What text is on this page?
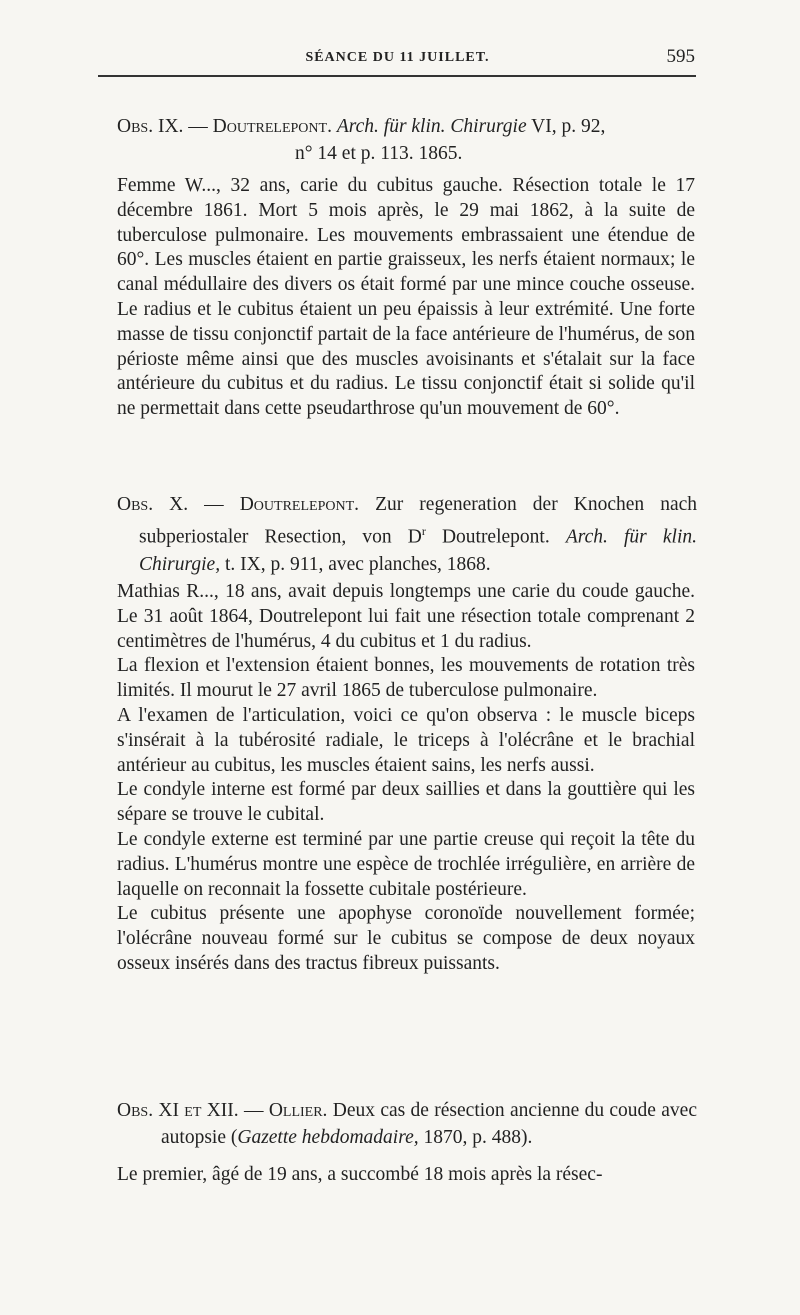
SÉANCE DU 11 JUILLET.	595
Obs. IX. — Doutrelepont. Arch. für klin. Chirurgie VI, p. 92,
n° 14 et p. 113. 1865.

Femme W..., 32 ans, carie du cubitus gauche. Résection totale le 17 décembre 1861. Mort 5 mois après, le 29 mai 1862, à la suite de tuberculose pulmonaire. Les mouvements embrassaient une étendue de 60°. Les muscles étaient en partie graisseux, les nerfs étaient normaux; le canal médullaire des divers os était formé par une mince couche osseuse. Le radius et le cubitus étaient un peu épaissis à leur extrémité. Une forte masse de tissu conjonctif partait de la face antérieure de l'humérus, de son périoste même ainsi que des muscles avoisinants et s'étalait sur la face antérieure du cubitus et du radius. Le tissu conjonctif était si solide qu'il ne permettait dans cette pseudarthrose qu'un mouvement de 60°.

Obs. X. — Doutrelepont. Zur regeneration der Knochen nach subperiostaler Resection, von $D^r$ Doutrelepont. Arch. für klin. Chirurgie, t. IX, p. 911, avec planches, 1868.

Mathias R..., 18 ans, avait depuis longtemps une carie du coude gauche. Le 31 août 1864, Doutrelepont lui fait une résection totale comprenant 2 centimètres de l'humérus, 4 du cubitus et 1 du radius.

La flexion et l'extension étaient bonnes, les mouvements de rotation très limités. Il mourut le 27 avril 1865 de tuberculose pulmonaire.

A l'examen de l'articulation, voici ce qu'on observa : le muscle biceps s'insérait à la tubérosité radiale, le triceps à l'olécrâne et le brachial antérieur au cubitus, les muscles étaient sains, les nerfs aussi.

Le condyle interne est formé par deux saillies et dans la gouttière qui les sépare se trouve le cubital.

Le condyle externe est terminé par une partie creuse qui reçoit la tête du radius. L'humérus montre une espèce de trochlée irrégulière, en arrière de laquelle on reconnait la fossette cubitale postérieure.

Le cubitus présente une apophyse coronoïde nouvellement formée; l'olécrâne nouveau formé sur le cubitus se compose de deux noyaux osseux insérés dans des tractus fibreux puissants.

Obs. XI et XII. — Ollier. Deux cas de résection ancienne du coude avec autopsie (Gazette hebdomadaire, 1870, p. 488).

Le premier, âgé de 19 ans, a succombé 18 mois après la résec-
